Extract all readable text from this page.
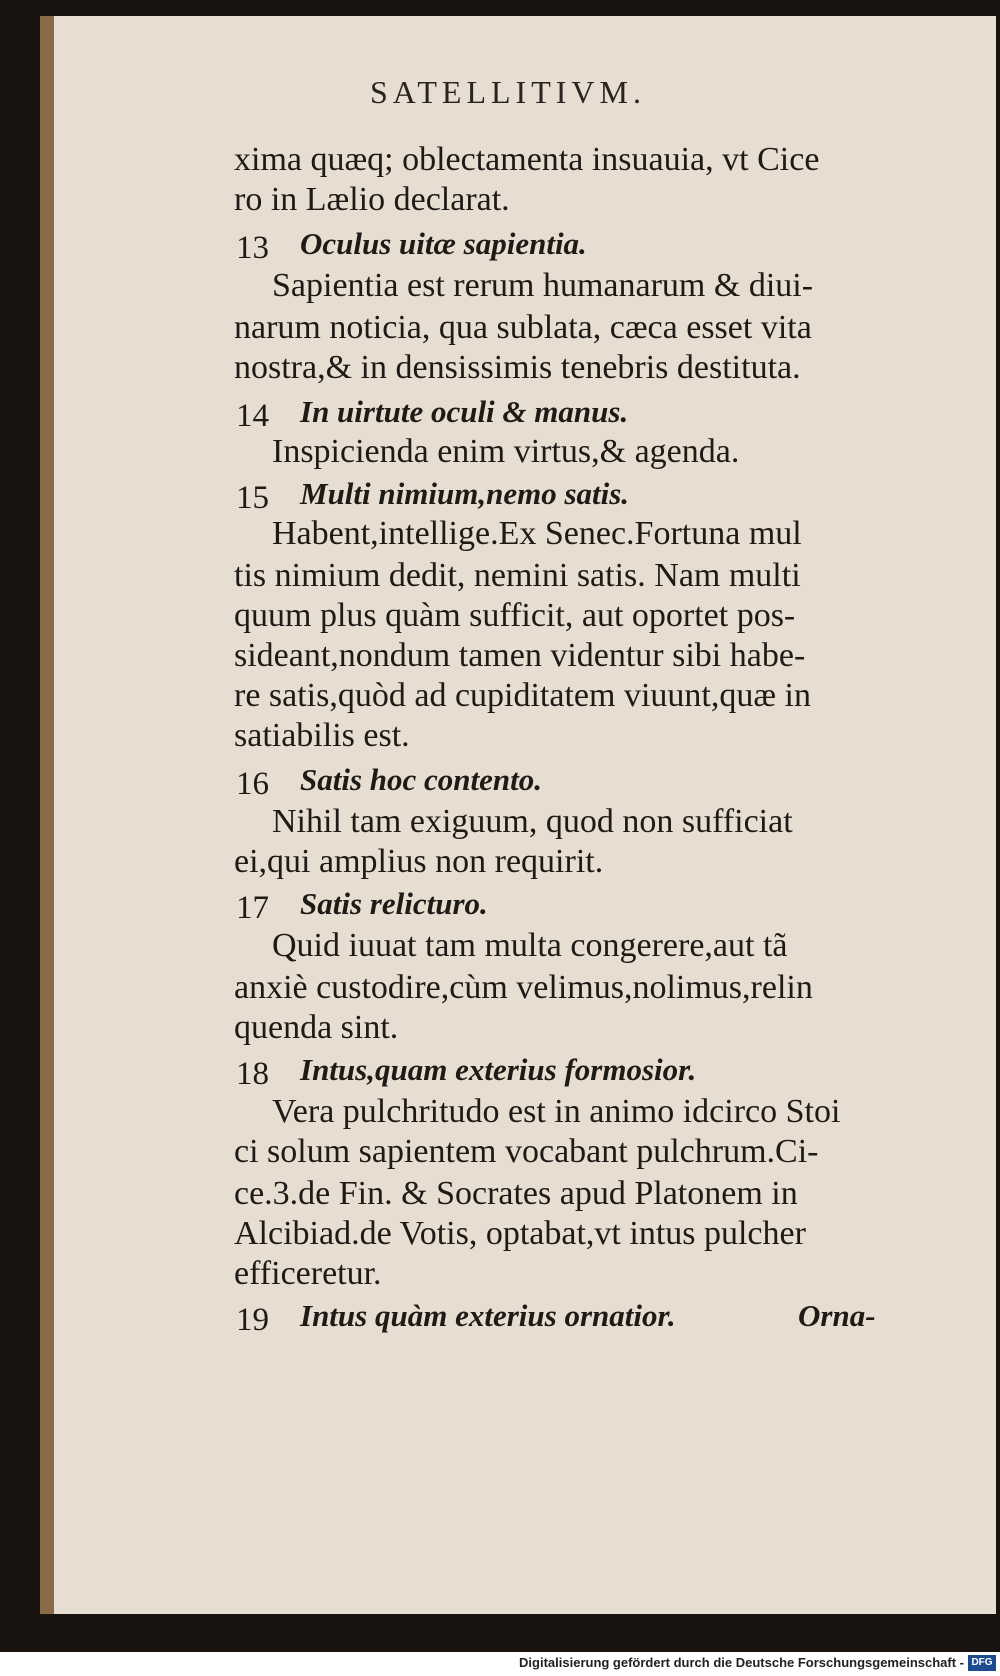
SATELLITIVM.
Digitalisierung gefördert durch die Deutsche Forschungsgemeinschaft - DFG
xima quæq; oblectamenta insuauia, vt Cice
ro in Lælio declarat.
13 Oculus uitæ sapientia.
Sapientia est rerum humanarum & diui-
narum noticia, qua sublata, cæca esset vita
nostra,& in densissimis tenebris destituta.
14 In uirtute oculi & manus.
Inspicienda enim virtus,& agenda.
15 Multi nimium,nemo satis.
Habent,intellige.Ex Senec.Fortuna mul
tis nimium dedit, nemini satis. Nam multi
quum plus quàm sufficit, aut oportet pos-
sideant,nondum tamen videntur sibi habe-
re satis,quòd ad cupiditatem viuunt,quæ in
satiabilis est.
16 Satis hoc contento.
Nihil tam exiguum, quod non sufficiat
ei,qui amplius non requirit.
17 Satis relicturo.
Quid iuuat tam multa congerere,aut tã
anxiè custodire,cùm velimus,nolimus,relin
quenda sint.
18 Intus,quam exterius formosior.
Vera pulchritudo est in animo idcirco Stoi
ci solum sapientem vocabant pulchrum.Ci-
ce.3.de Fin. & Socrates apud Platonem in
Alcibiad.de Votis, optabat,vt intus pulcher
efficeretur.
19 Intus quàm exterius ornatior.	Orna-
